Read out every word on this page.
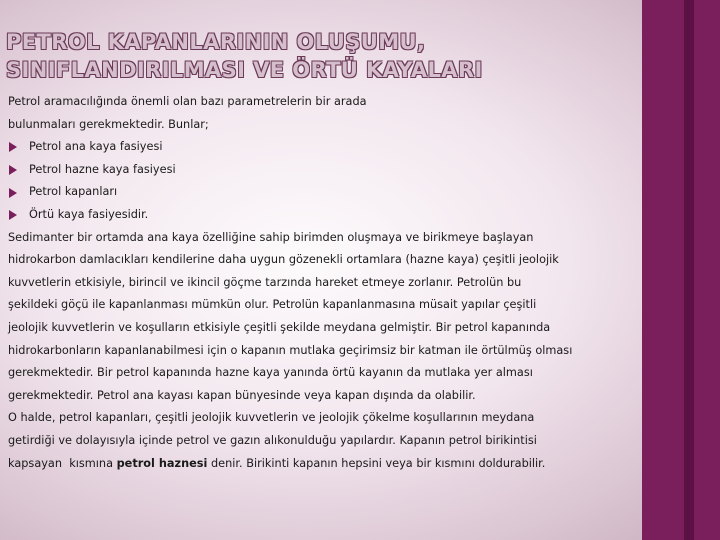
PETROL KAPANLARININ OLUŞUMU,
SINIFLANDIRILMASI VE ÖRTÜ KAYALARI
Petrol aramacılığında önemli olan bazı parametrelerin bir arada
bulunmaları gerekmektedir. Bunlar;
Petrol ana kaya fasiyesi
Petrol hazne kaya fasiyesi
Petrol kapanları
Örtü kaya fasiyesidir.
Sedimanter bir ortamda ana kaya özelliğine sahip birimden oluşmaya ve birikmeye başlayan
hidrokarbon damlacıkları kendilerine daha uygun gözenekli ortamlara (hazne kaya) çeşitli jeolojik
kuvvetlerin etkisiyle, birincil ve ikincil göçme tarzında hareket etmeye zorlanır. Petrolün bu
şekildeki göçü ile kapanlanması mümkün olur. Petrolün kapanlanmasına müsait yapılar çeşitli
jeolojik kuvvetlerin ve koşulların etkisiyle çeşitli şekilde meydana gelmiştir. Bir petrol kapanında
hidrokarbonların kapanlanabilmesi için o kapanın mutlaka geçirimsiz bir katman ile örtülmüş olması
gerekmektedir. Bir petrol kapanında hazne kaya yanında örtü kayanın da mutlaka yer alması
gerekmektedir. Petrol ana kayası kapan bünyesinde veya kapan dışında da olabilir.
O halde, petrol kapanları, çeşitli jeolojik kuvvetlerin ve jeolojik çökelme koşullarının meydana
getirdiği ve dolayısıyla içinde petrol ve gazın alıkonulduğu yapılardır. Kapanın petrol birikintisi
kapsayan  kısmına petrol haznesi denir. Birikinti kapanın hepsini veya bir kısmını doldurabilir.
